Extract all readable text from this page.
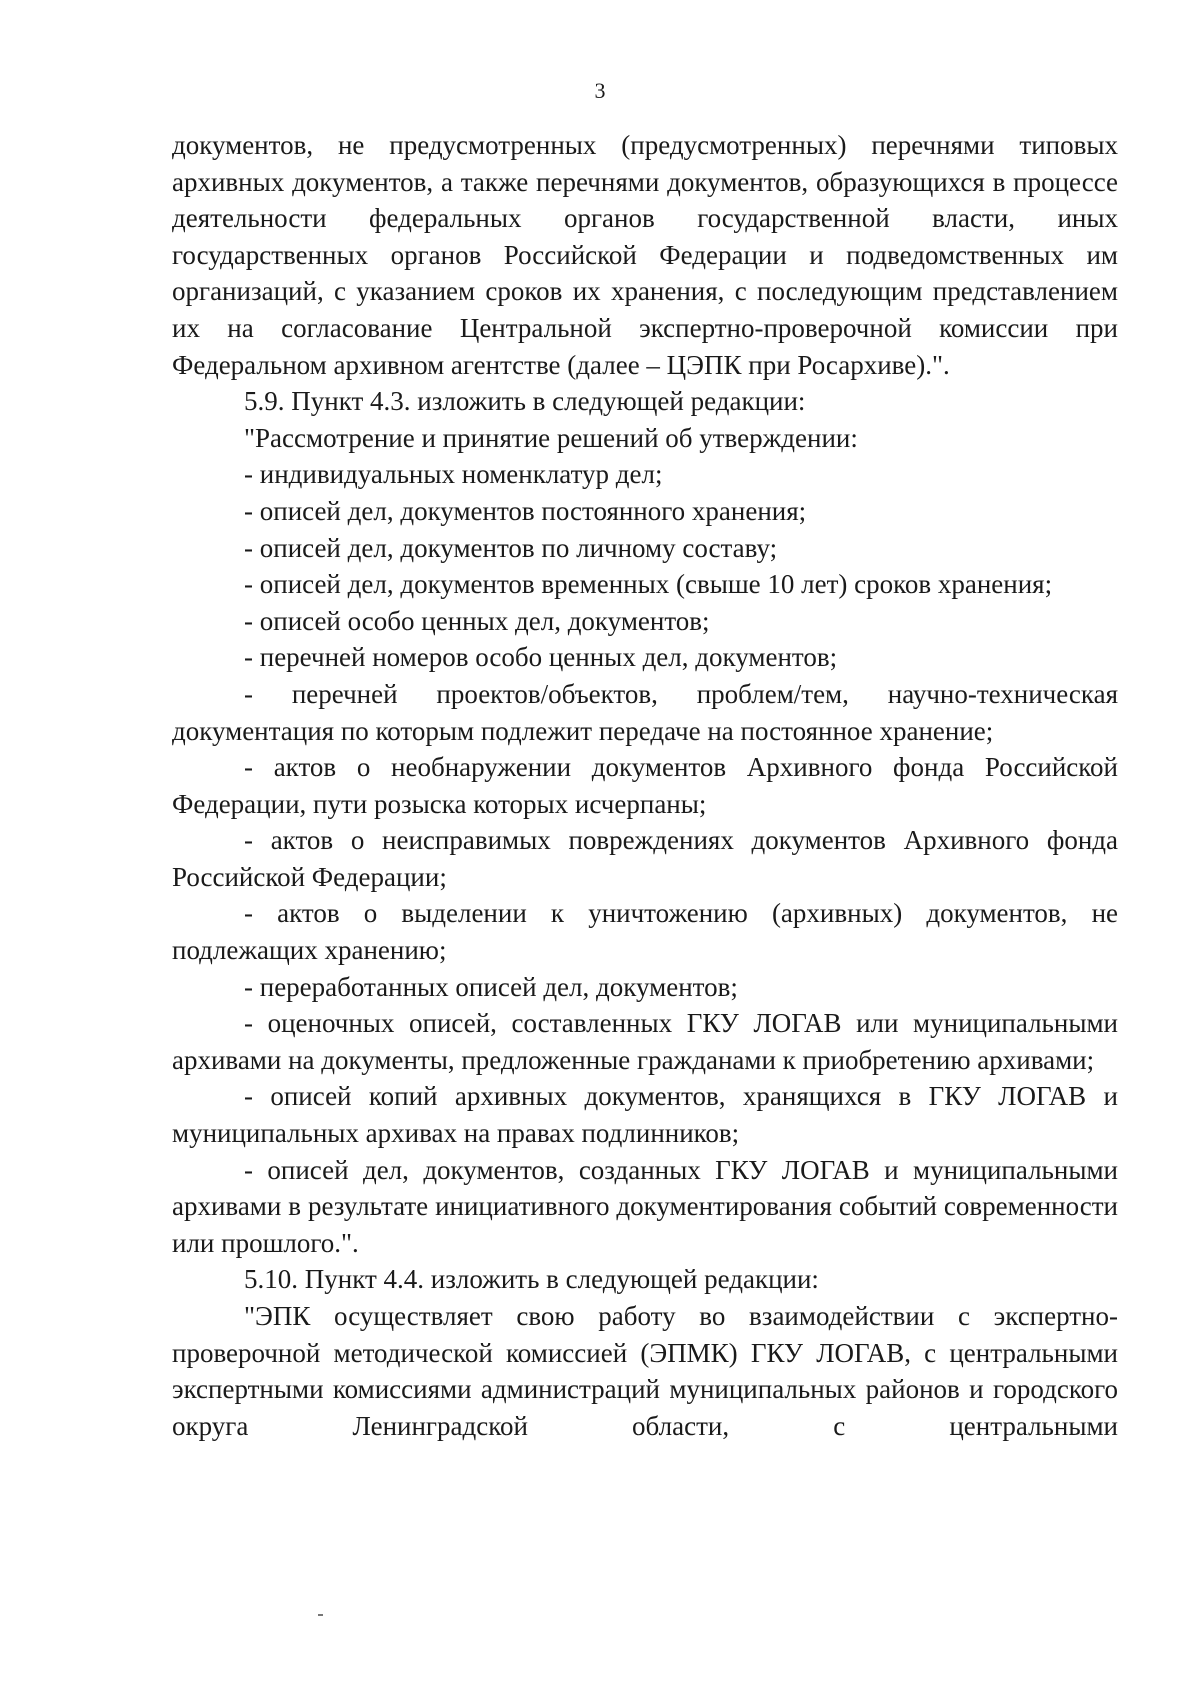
3

документов, не предусмотренных (предусмотренных) перечнями типовых архивных документов, а также перечнями документов, образующихся в процессе деятельности федеральных органов государственной власти, иных государственных органов Российской Федерации и подведомственных им организаций, с указанием сроков их хранения, с последующим представлением их на согласование Центральной экспертно-проверочной комиссии при Федеральном архивном агентстве (далее – ЦЭПК при Росархиве).".

5.9. Пункт 4.3. изложить в следующей редакции:

"Рассмотрение и принятие решений об утверждении:

- индивидуальных номенклатур дел;

- описей дел, документов постоянного хранения;

- описей дел, документов по личному составу;

- описей дел, документов временных (свыше 10 лет) сроков хранения;

- описей особо ценных дел, документов;

- перечней номеров особо ценных дел, документов;

- перечней проектов/объектов, проблем/тем, научно-техническая документация по которым подлежит передаче на постоянное хранение;

- актов о необнаружении документов Архивного фонда Российской Федерации, пути розыска которых исчерпаны;

- актов о неисправимых повреждениях документов Архивного фонда Российской Федерации;

- актов о выделении к уничтожению (архивных) документов, не подлежащих хранению;

- переработанных описей дел, документов;

- оценочных описей, составленных ГКУ ЛОГАВ или муниципальными архивами на документы, предложенные гражданами к приобретению архивами;

- описей копий архивных документов, хранящихся в ГКУ ЛОГАВ и муниципальных архивах на правах подлинников;

- описей дел, документов, созданных ГКУ ЛОГАВ и муниципальными архивами в результате инициативного документирования событий современности или прошлого.".

5.10. Пункт 4.4. изложить в следующей редакции:

"ЭПК осуществляет свою работу во взаимодействии с экспертно-проверочной методической комиссией (ЭПМК) ГКУ ЛОГАВ, с центральными экспертными комиссиями администраций муниципальных районов и городского округа Ленинградской области, с центральными
